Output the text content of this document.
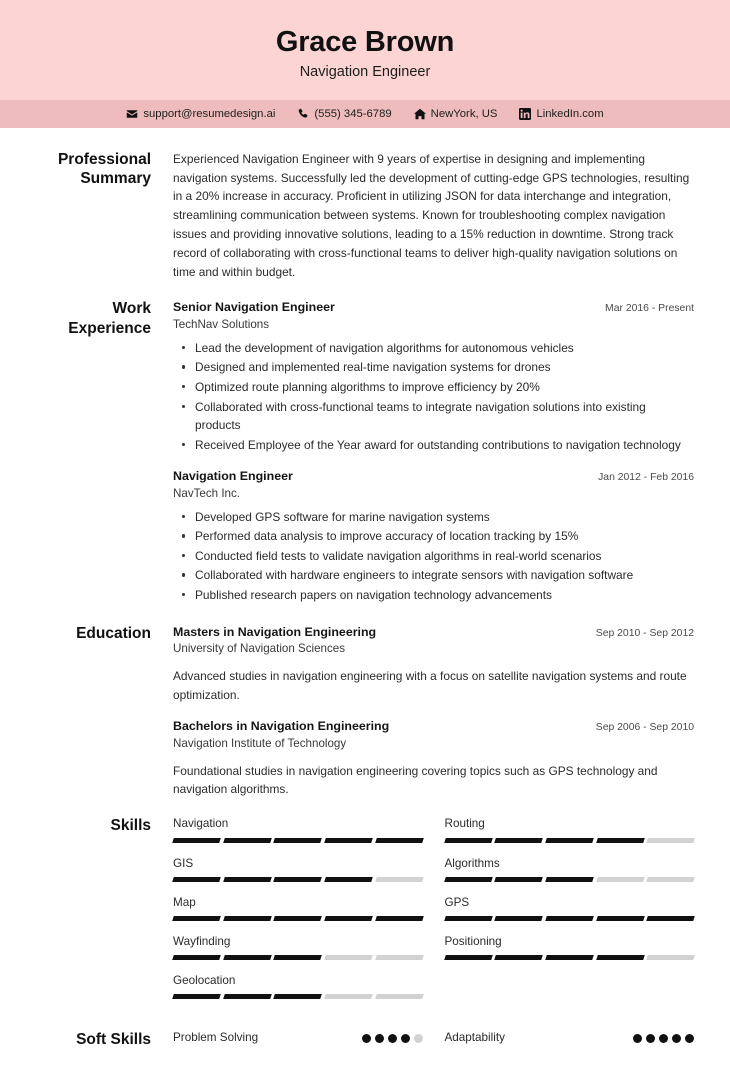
Grace Brown
Navigation Engineer
support@resumedesign.ai	(555) 345-6789	NewYork, US	LinkedIn.com
Professional Summary
Experienced Navigation Engineer with 9 years of expertise in designing and implementing navigation systems. Successfully led the development of cutting-edge GPS technologies, resulting in a 20% increase in accuracy. Proficient in utilizing JSON for data interchange and integration, streamlining communication between systems. Known for troubleshooting complex navigation issues and providing innovative solutions, leading to a 15% reduction in downtime. Strong track record of collaborating with cross-functional teams to deliver high-quality navigation solutions on time and within budget.
Work Experience
Senior Navigation Engineer	Mar 2016 - Present
TechNav Solutions
Lead the development of navigation algorithms for autonomous vehicles
Designed and implemented real-time navigation systems for drones
Optimized route planning algorithms to improve efficiency by 20%
Collaborated with cross-functional teams to integrate navigation solutions into existing products
Received Employee of the Year award for outstanding contributions to navigation technology
Navigation Engineer	Jan 2012 - Feb 2016
NavTech Inc.
Developed GPS software for marine navigation systems
Performed data analysis to improve accuracy of location tracking by 15%
Conducted field tests to validate navigation algorithms in real-world scenarios
Collaborated with hardware engineers to integrate sensors with navigation software
Published research papers on navigation technology advancements
Education	Masters in Navigation Engineering	Sep 2010 - Sep 2012
University of Navigation Sciences
Advanced studies in navigation engineering with a focus on satellite navigation systems and route optimization.
Bachelors in Navigation Engineering	Sep 2006 - Sep 2010
Navigation Institute of Technology
Foundational studies in navigation engineering covering topics such as GPS technology and navigation algorithms.
Skills	Navigation	Routing
GIS	Algorithms
Map	GPS
Wayfinding	Positioning
Geolocation
Soft Skills	Problem Solving	Adaptability
